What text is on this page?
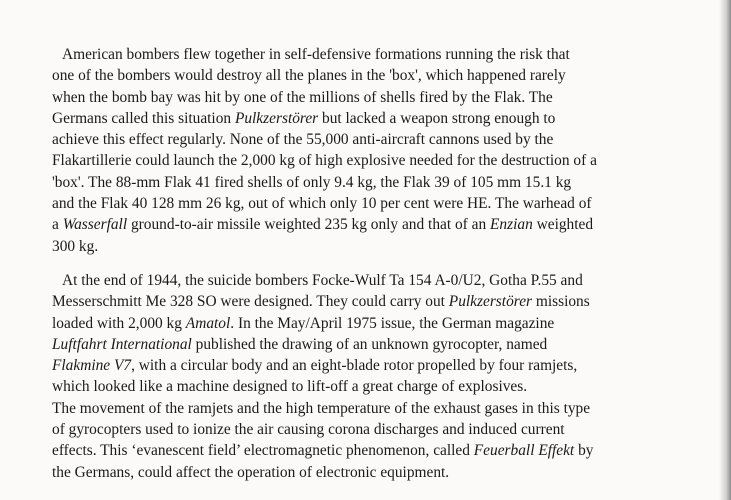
American bombers flew together in self-defensive formations running the risk that
one of the bombers would destroy all the planes in the 'box', which happened rarely
when the bomb bay was hit by one of the millions of shells fired by the Flak. The
Germans called this situation Pulkzerstörer but lacked a weapon strong enough to
achieve this effect regularly. None of the 55,000 anti-aircraft cannons used by the
Flakartillerie could launch the 2,000 kg of high explosive needed for the destruction of a
'box'. The 88-mm Flak 41 fired shells of only 9.4 kg, the Flak 39 of 105 mm 15.1 kg
and the Flak 40 128 mm 26 kg, out of which only 10 per cent were HE. The warhead of
a Wasserfall ground-to-air missile weighted 235 kg only and that of an Enzian weighted
300 kg.
At the end of 1944, the suicide bombers Focke-Wulf Ta 154 A-0/U2, Gotha P.55 and
Messerschmitt Me 328 SO were designed. They could carry out Pulkzerstörer missions
loaded with 2,000 kg Amatol. In the May/April 1975 issue, the German magazine
Luftfahrt International published the drawing of an unknown gyrocopter, named
Flakmine V7, with a circular body and an eight-blade rotor propelled by four ramjets,
which looked like a machine designed to lift-off a great charge of explosives.
The movement of the ramjets and the high temperature of the exhaust gases in this type
of gyrocopters used to ionize the air causing corona discharges and induced current
effects. This ‘evanescent field’ electromagnetic phenomenon, called Feuerball Effekt by
the Germans, could affect the operation of electronic equipment.
